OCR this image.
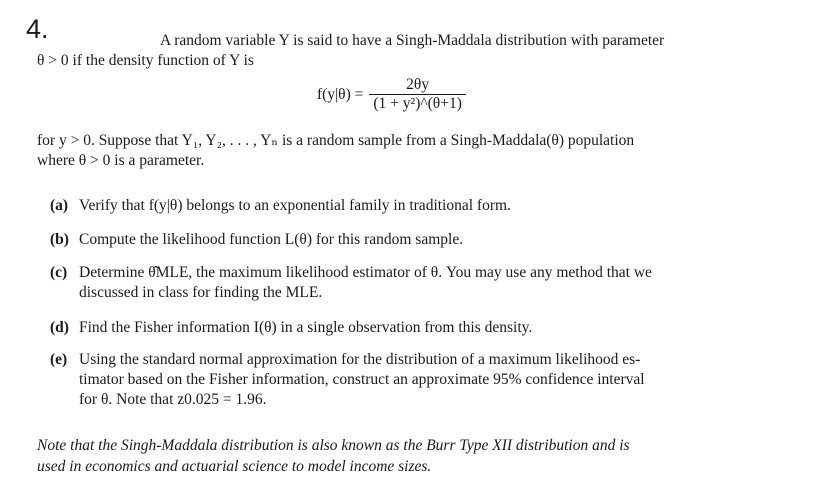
4.	A random variable Y is said to have a Singh-Maddala distribution with parameter
θ > 0 if the density function of Y is
$f(y|\theta) = \frac{2\theta y}{\text{(1 + y²)\textasciicircum{}(θ+1)}}$
for y > 0. Suppose that Y₁, Y₂, . . . , Yₙ is a random sample from a Singh-Maddala(θ) population
where θ > 0 is a parameter.
(a) Verify that f(y|θ) belongs to an exponential family in traditional form.
(b) Compute the likelihood function L(θ) for this random sample.
(c) Determine θ̂MLE, the maximum likelihood estimator of θ. You may use any method that we
discussed in class for finding the MLE.
(d) Find the Fisher information I(θ) in a single observation from this density.
(e) Using the standard normal approximation for the distribution of a maximum likelihood es-
timator based on the Fisher information, construct an approximate 95% confidence interval
for θ. Note that z0.025 = 1.96.
Note that the Singh-Maddala distribution is also known as the Burr Type XII distribution and is
used in economics and actuarial science to model income sizes.
